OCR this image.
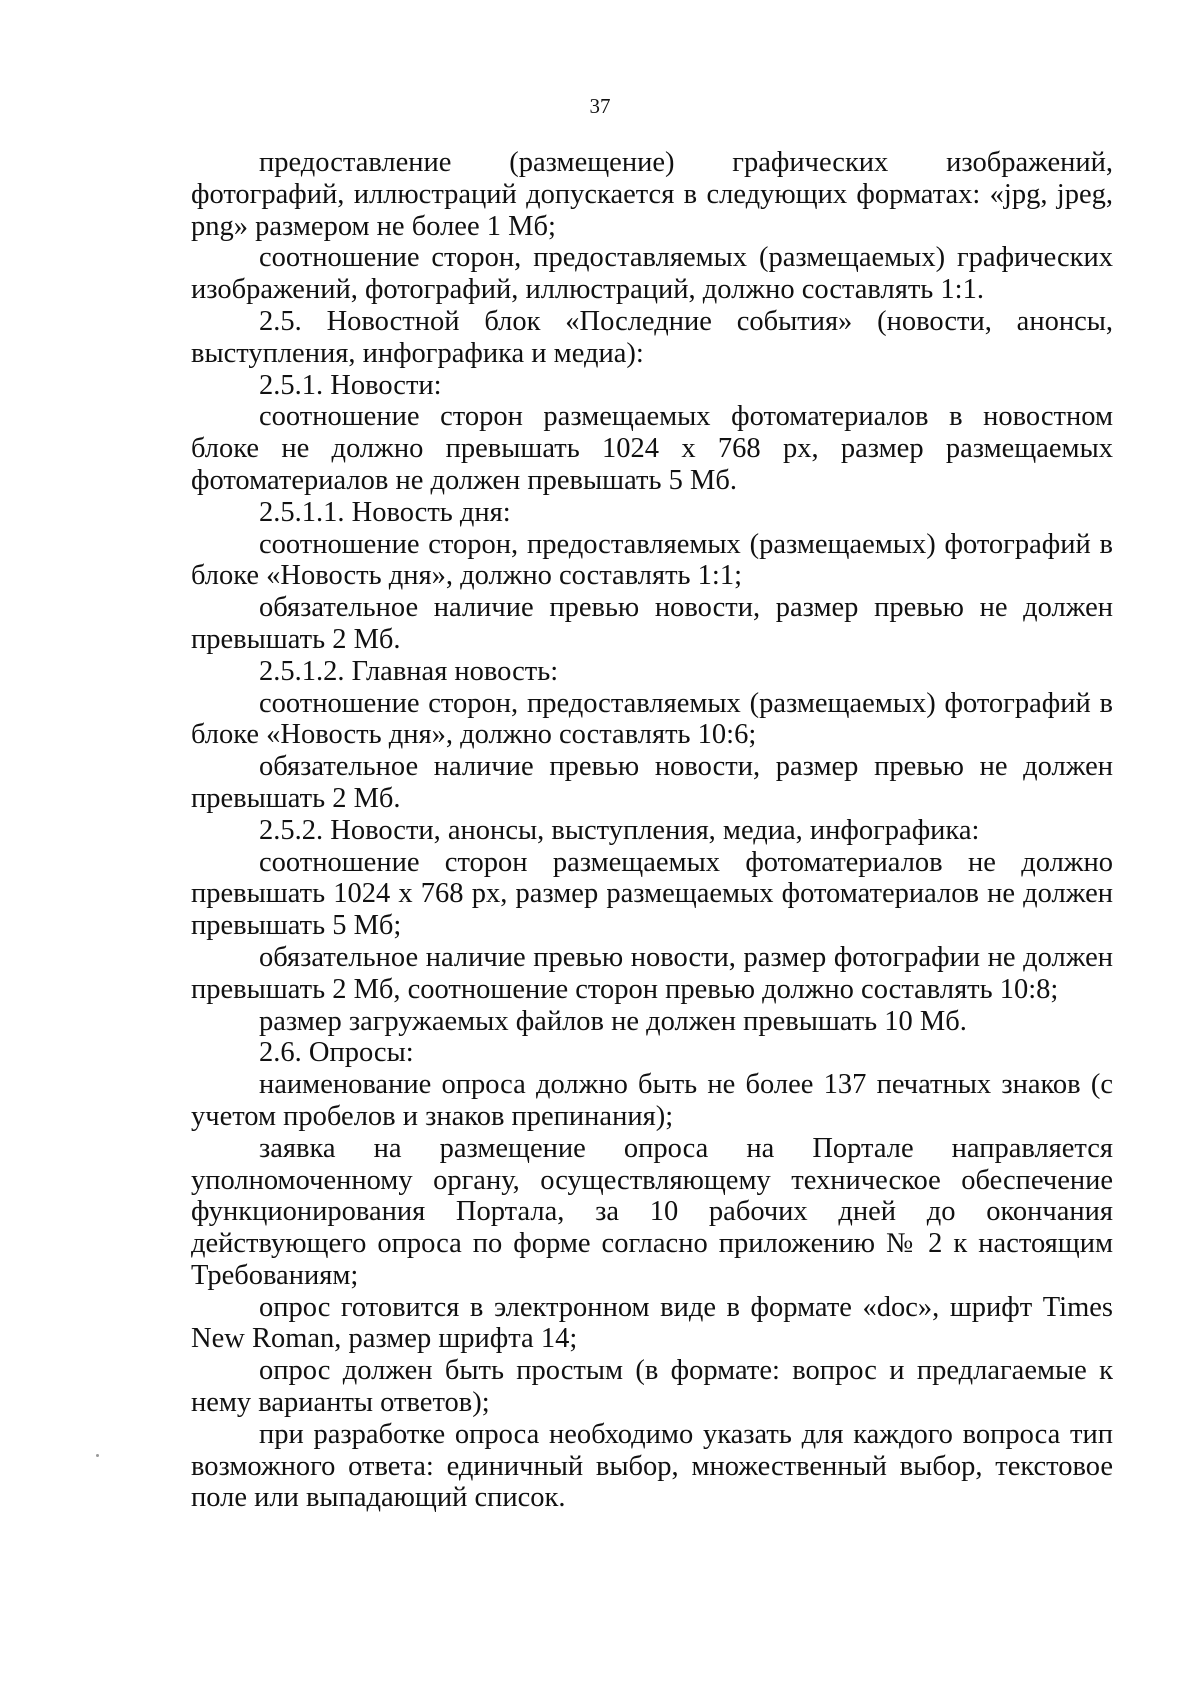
37

предоставление (размещение) графических изображений, фотографий, иллюстраций допускается в следующих форматах: «jpg, jpeg, png» размером не более 1 Мб;

соотношение сторон, предоставляемых (размещаемых) графических изображений, фотографий, иллюстраций, должно составлять 1:1.

2.5. Новостной блок «Последние события» (новости, анонсы, выступления, инфографика и медиа):

2.5.1. Новости:

соотношение сторон размещаемых фотоматериалов в новостном блоке не должно превышать 1024 x 768 px, размер размещаемых фотоматериалов не должен превышать 5 Мб.

2.5.1.1. Новость дня:

соотношение сторон, предоставляемых (размещаемых) фотографий в блоке «Новость дня», должно составлять 1:1;

обязательное наличие превью новости, размер превью не должен превышать 2 Мб.

2.5.1.2. Главная новость:

соотношение сторон, предоставляемых (размещаемых) фотографий в блоке «Новость дня», должно составлять 10:6;

обязательное наличие превью новости, размер превью не должен превышать 2 Мб.

2.5.2. Новости, анонсы, выступления, медиа, инфографика:

соотношение сторон размещаемых фотоматериалов не должно превышать 1024 x 768 px, размер размещаемых фотоматериалов не должен превышать 5 Мб;

обязательное наличие превью новости, размер фотографии не должен превышать 2 Мб, соотношение сторон превью должно составлять 10:8;

размер загружаемых файлов не должен превышать 10 Мб.

2.6. Опросы:

наименование опроса должно быть не более 137 печатных знаков (с учетом пробелов и знаков препинания);

заявка на размещение опроса на Портале направляется уполномоченному органу, осуществляющему техническое обеспечение функционирования Портала, за 10 рабочих дней до окончания действующего опроса по форме согласно приложению № 2 к настоящим Требованиям;

опрос готовится в электронном виде в формате «doc», шрифт Times New Roman, размер шрифта 14;

опрос должен быть простым (в формате: вопрос и предлагаемые к нему варианты ответов);

при разработке опроса необходимо указать для каждого вопроса тип возможного ответа: единичный выбор, множественный выбор, текстовое поле или выпадающий список.
